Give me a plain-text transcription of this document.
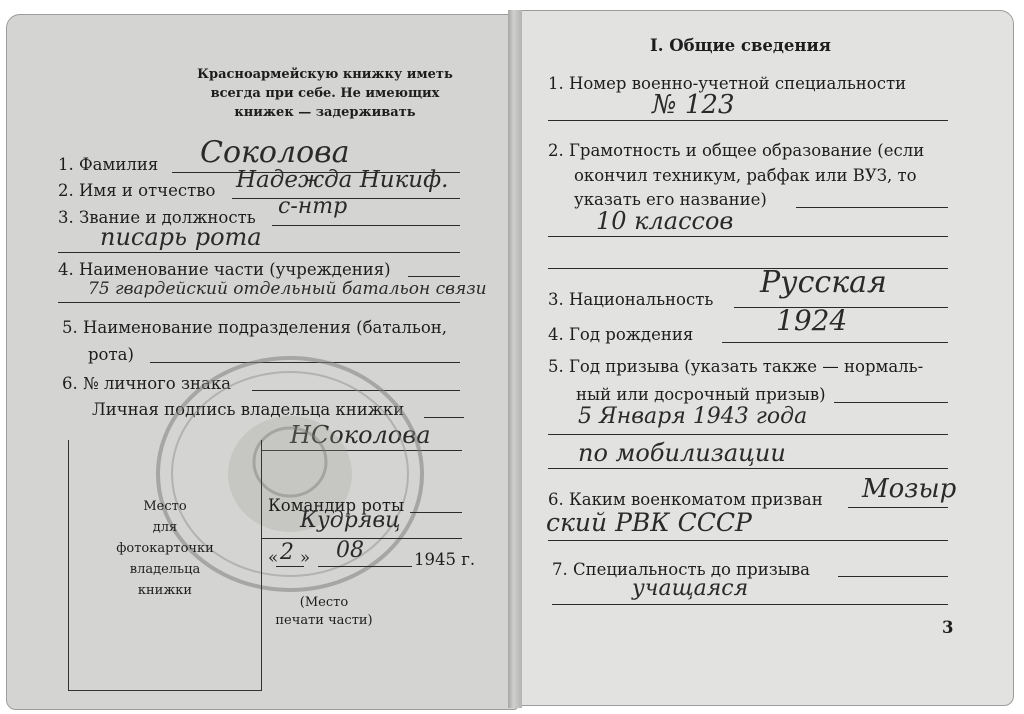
Красноармейскую книжку иметь
всегда при себе. Не имеющих
книжек — задерживать
1. Фамилия Соколова
2. Имя и отчество Надежда Никиф.
3. Звание и должность с-нтр
писарь рота
4. Наименование части (учреждения)
75 гвардейский отдельный батальон связи
5. Наименование подразделения (батальон,
рота)
6. № личного знака
Личная подпись владельца книжки
НСоколова
Место
для
фотокарточки
владельца
книжки
Командир роты
Кудрявц
« 2 » 08	1945 г.
(Место
печати части)
I. Общие сведения
1. Номер военно-учетной специальности
№ 123
2. Грамотность и общее образование (если
окончил техникум, рабфак или ВУЗ, то
указать его название)
10 классов
3. Национальность Русская
4. Год рождения	1924
5. Год призыва (указать также — нормаль-
ный или досрочный призыв)
5 Января 1943 года
по мобилизации
6. Каким военкоматом призван Мозыр
ский РВК СССР
7. Специальность до призыва
учащаяся
3
